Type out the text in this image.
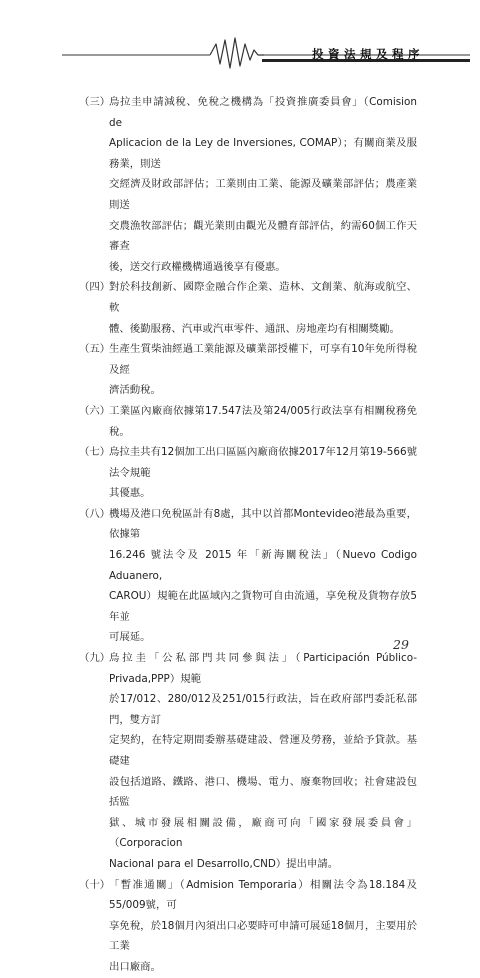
投資法規及程序
（三）
烏拉圭申請減稅、免稅之機構為「投資推廣委員會」（Comision de
Aplicacion de la Ley de Inversiones, COMAP）；有關商業及服務業，則送
交經濟及財政部評估；工業則由工業、能源及礦業部評估；農產業則送
交農漁牧部評估；觀光業則由觀光及體育部評估，約需60個工作天審查
後，送交行政權機構通過後享有優惠。
（四）
對於科技創新、國際金融合作企業、造林、文創業、航海或航空、軟
體、後勤服務、汽車或汽車零件、通訊、房地產均有相關獎勵。
（五）
生產生質柴油經過工業能源及礦業部授權下，可享有10年免所得稅及經
濟活動稅。
（六）
工業區內廠商依據第17.547法及第24/005行政法享有相關稅務免稅。
（七）
烏拉圭共有12個加工出口區區內廠商依據2017年12月第19-566號法令規範
其優惠。
（八）
機場及港口免稅區計有8處，其中以首都Montevideo港最為重要，依據第
16.246 號法令及 2015 年「新海關稅法」（Nuevo Codigo Aduanero,
CAROU）規範在此區域內之貨物可自由流通，享免稅及貨物存放5年並
可展延。
（九）
烏拉圭「公私部門共同參與法」（Participación Público-Privada,PPP）規範
於17/012、280/012及251/015行政法，旨在政府部門委託私部門，雙方訂
定契約，在特定期間委辦基礎建設、營運及勞務，並給予貸款。基礎建
設包括道路、鐵路、港口、機場、電力、廢棄物回收；社會建設包括監
獄、城市發展相關設備，廠商可向「國家發展委員會」（Corporacion
Nacional para el Desarrollo,CND）提出申請。
（十）
「暫准通關」（Admision Temporaria）相關法令為18.184及55/009號，可
享免稅，於18個月內須出口必要時可申請可展延18個月，主要用於工業
出口廠商。
29
